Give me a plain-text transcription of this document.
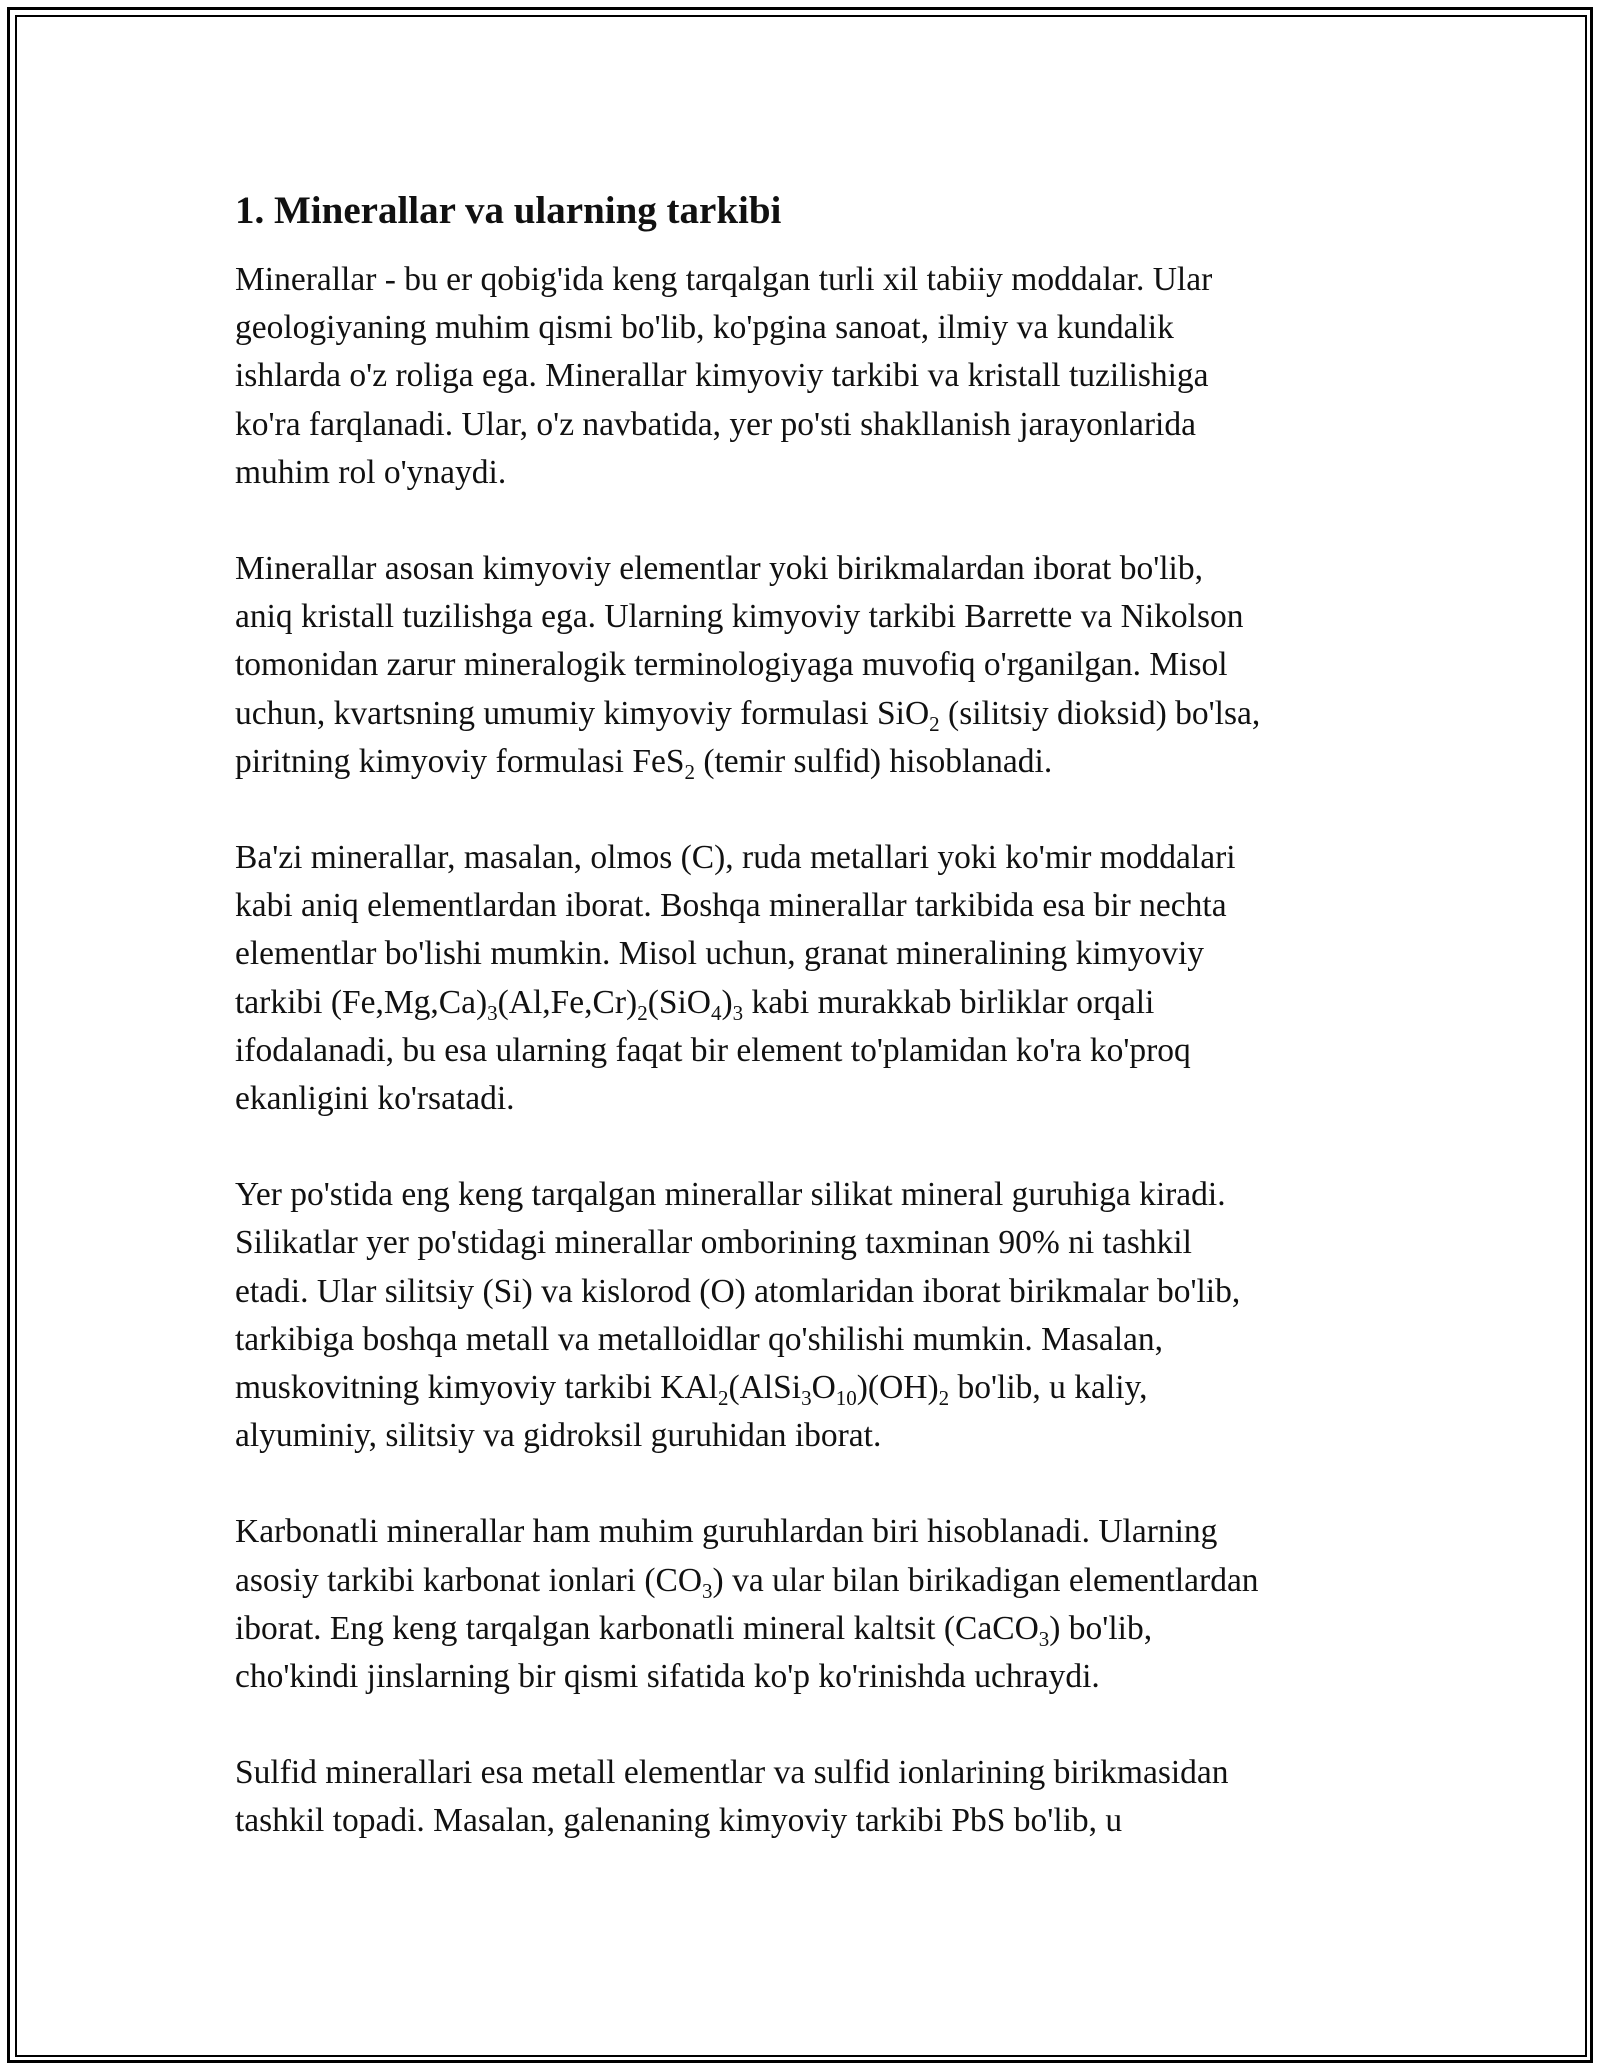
1. Minerallar va ularning tarkibi

Minerallar - bu er qobig'ida keng tarqalgan turli xil tabiiy moddalar. Ular
geologiyaning muhim qismi bo'lib, ko'pgina sanoat, ilmiy va kundalik
ishlarda o'z roliga ega. Minerallar kimyoviy tarkibi va kristall tuzilishiga
ko'ra farqlanadi. Ular, o'z navbatida, yer po'sti shakllanish jarayonlarida
muhim rol o'ynaydi.

Minerallar asosan kimyoviy elementlar yoki birikmalardan iborat bo'lib,
aniq kristall tuzilishga ega. Ularning kimyoviy tarkibi Barrette va Nikolson
tomonidan zarur mineralogik terminologiyaga muvofiq o'rganilgan. Misol
uchun, kvartsning umumiy kimyoviy formulasi SiO$_2$ (silitsiy dioksid) bo'lsa,
piritning kimyoviy formulasi FeS$_2$ (temir sulfid) hisoblanadi.

Ba'zi minerallar, masalan, olmos (C), ruda metallari yoki ko'mir moddalari
kabi aniq elementlardan iborat. Boshqa minerallar tarkibida esa bir nechta
elementlar bo'lishi mumkin. Misol uchun, granat mineralining kimyoviy
tarkibi $(Fe,Mg,Ca)_3(Al,Fe,Cr)_2(SiO_4)_3$ kabi murakkab birliklar orqali
ifodalanadi, bu esa ularning faqat bir element to'plamidan ko'ra ko'proq
ekanligini ko'rsatadi.

Yer po'stida eng keng tarqalgan minerallar silikat mineral guruhiga kiradi.
Silikatlar yer po'stidagi minerallar omborining taxminan 90% ni tashkil
etadi. Ular silitsiy (Si) va kislorod (O) atomlaridan iborat birikmalar bo'lib,
tarkibiga boshqa metall va metalloidlar qo'shilishi mumkin. Masalan,
muskovitning kimyoviy tarkibi $KAl_2(AlSi_3O_{10})(OH)_2$ bo'lib, u kaliy,
alyuminiy, silitsiy va gidroksil guruhidan iborat.

Karbonatli minerallar ham muhim guruhlardan biri hisoblanadi. Ularning
asosiy tarkibi karbonat ionlari $(CO_3)$ va ular bilan birikadigan elementlardan
iborat. Eng keng tarqalgan karbonatli mineral kaltsit (CaCO$_3$) bo'lib,
cho'kindi jinslarning bir qismi sifatida ko'p ko'rinishda uchraydi.

Sulfid minerallari esa metall elementlar va sulfid ionlarining birikmasidan
tashkil topadi. Masalan, galenaning kimyoviy tarkibi PbS bo'lib, u
